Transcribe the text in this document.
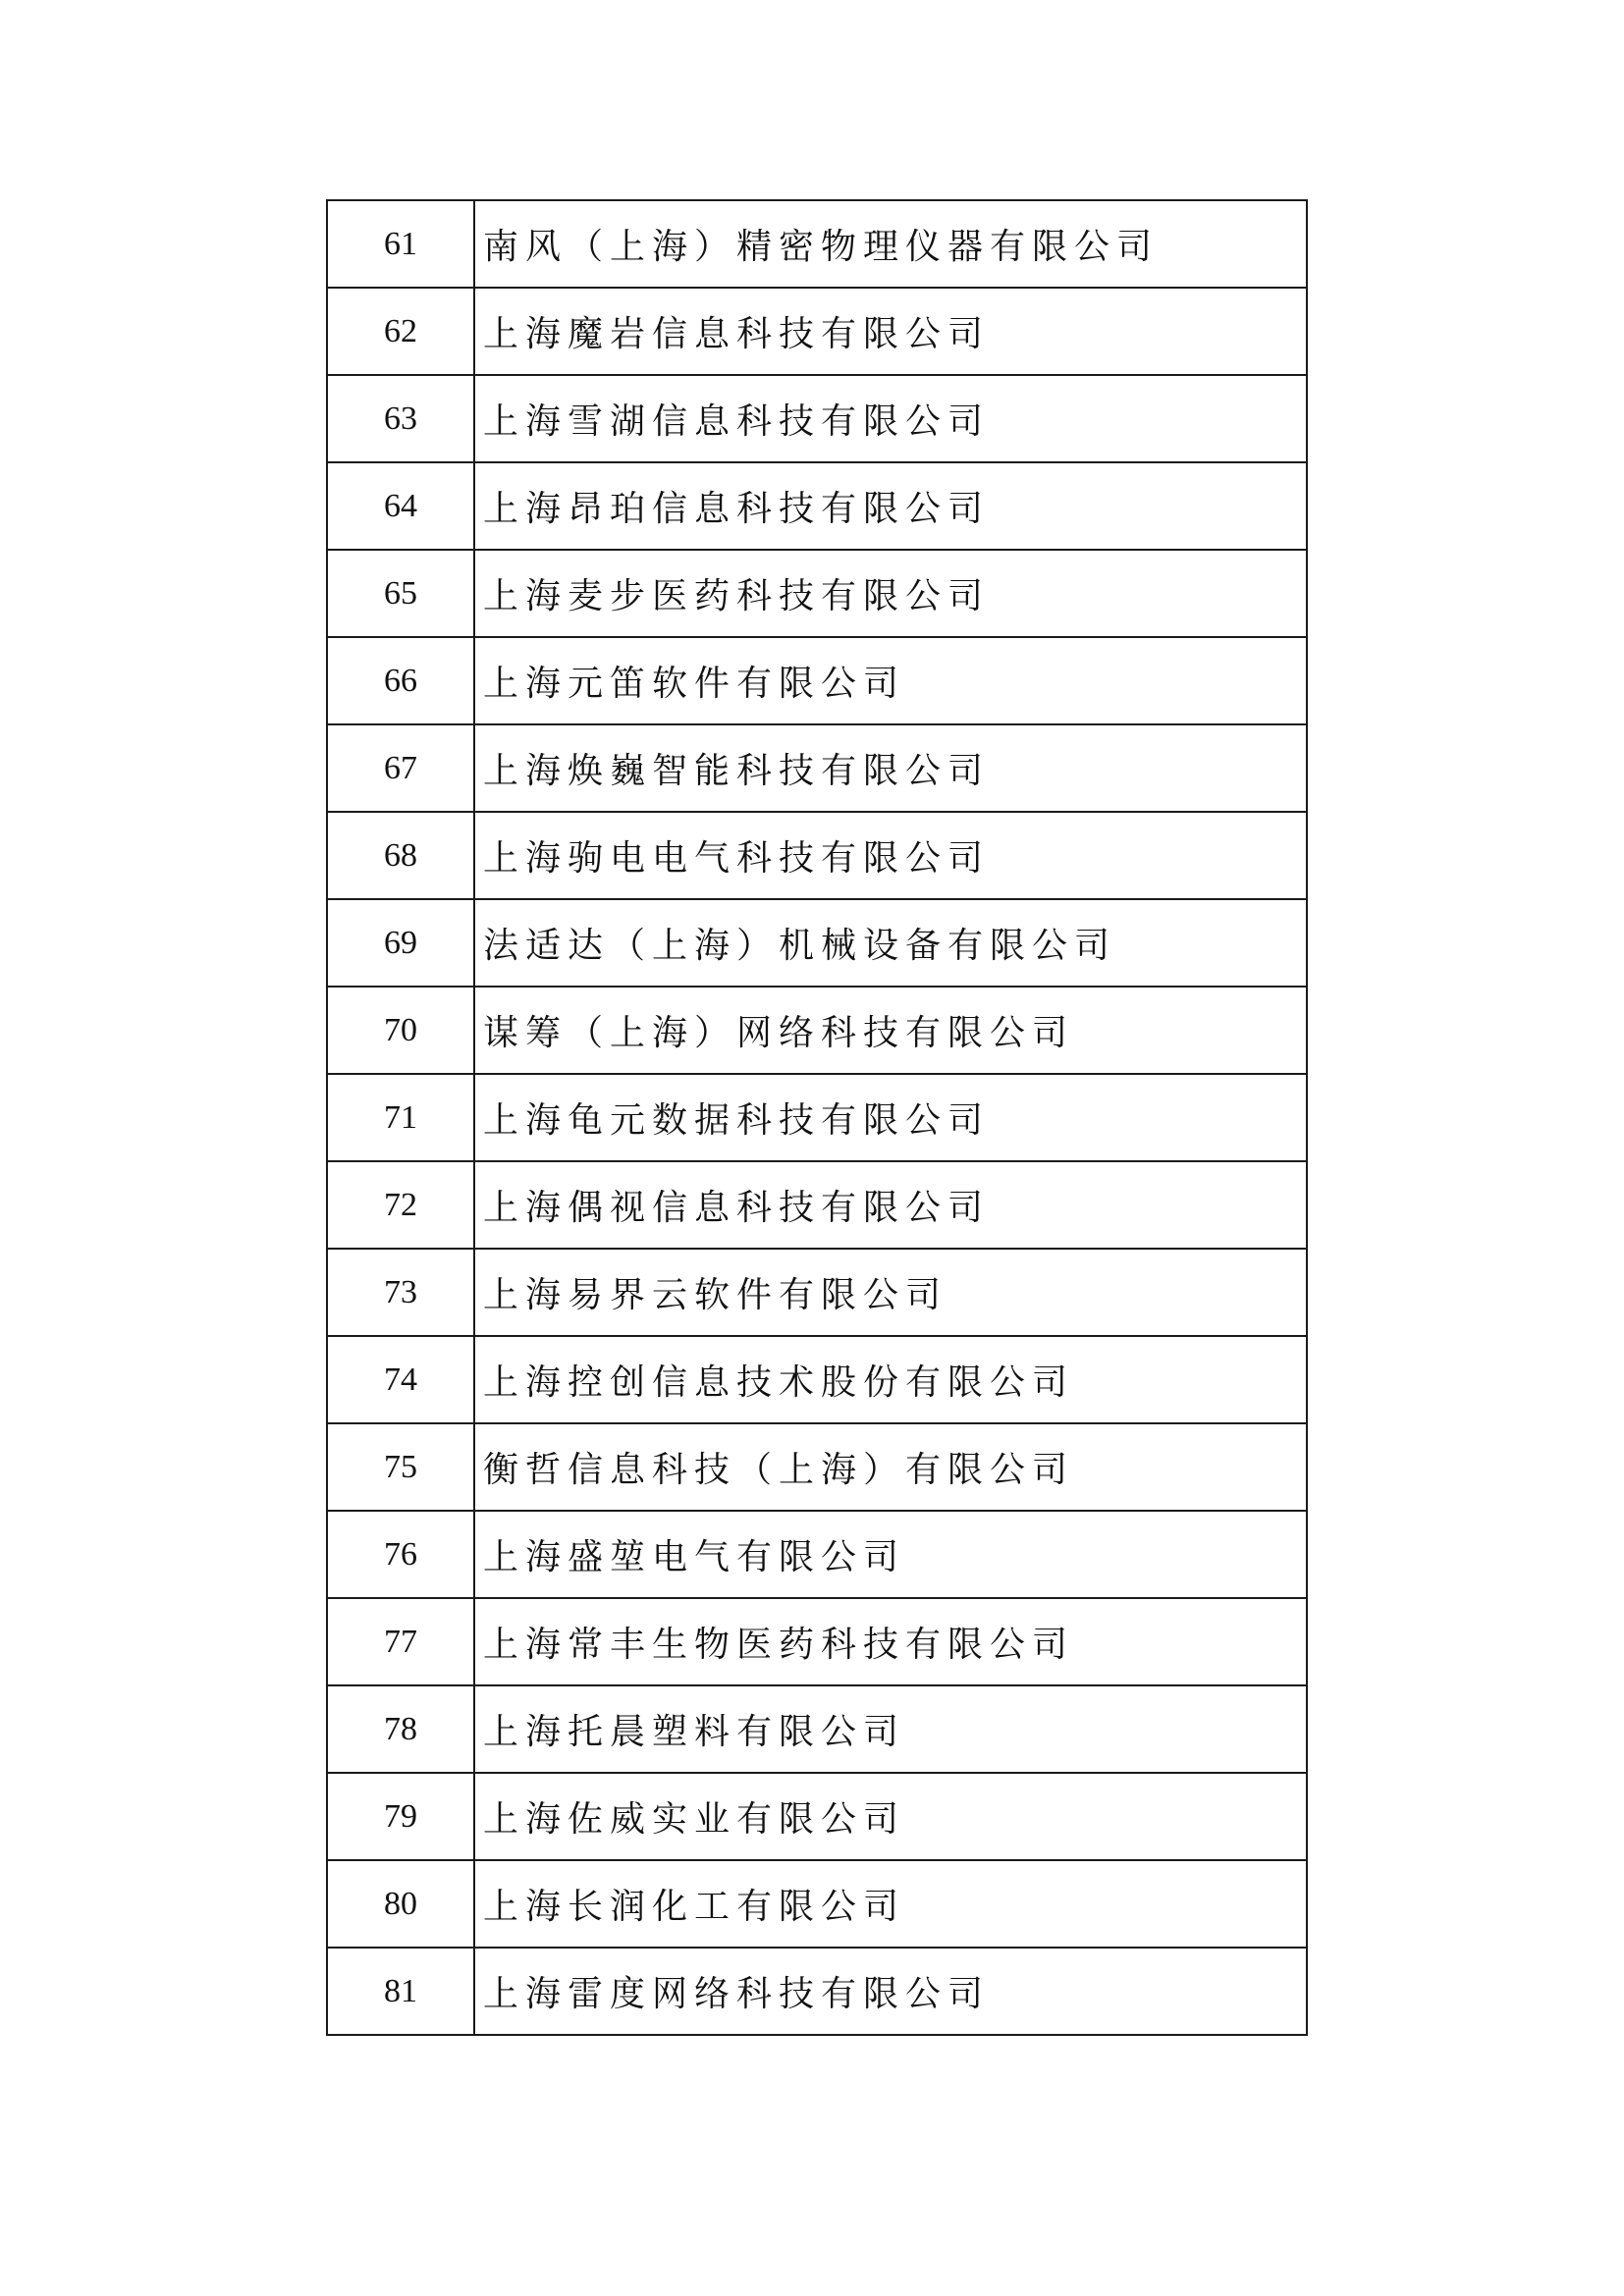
61	南风（上海）精密物理仪器有限公司
62	上海魔岩信息科技有限公司
63	上海雪湖信息科技有限公司
64	上海昂珀信息科技有限公司
65	上海麦步医药科技有限公司
66	上海元笛软件有限公司
67	上海焕巍智能科技有限公司
68	上海驹电电气科技有限公司
69	法适达（上海）机械设备有限公司
70	谋筹（上海）网络科技有限公司
71	上海龟元数据科技有限公司
72	上海偶视信息科技有限公司
73	上海易界云软件有限公司
74	上海控创信息技术股份有限公司
75	衡哲信息科技（上海）有限公司
76	上海盛堃电气有限公司
77	上海常丰生物医药科技有限公司
78	上海托晨塑料有限公司
79	上海佐威实业有限公司
80	上海长润化工有限公司
81	上海雷度网络科技有限公司
